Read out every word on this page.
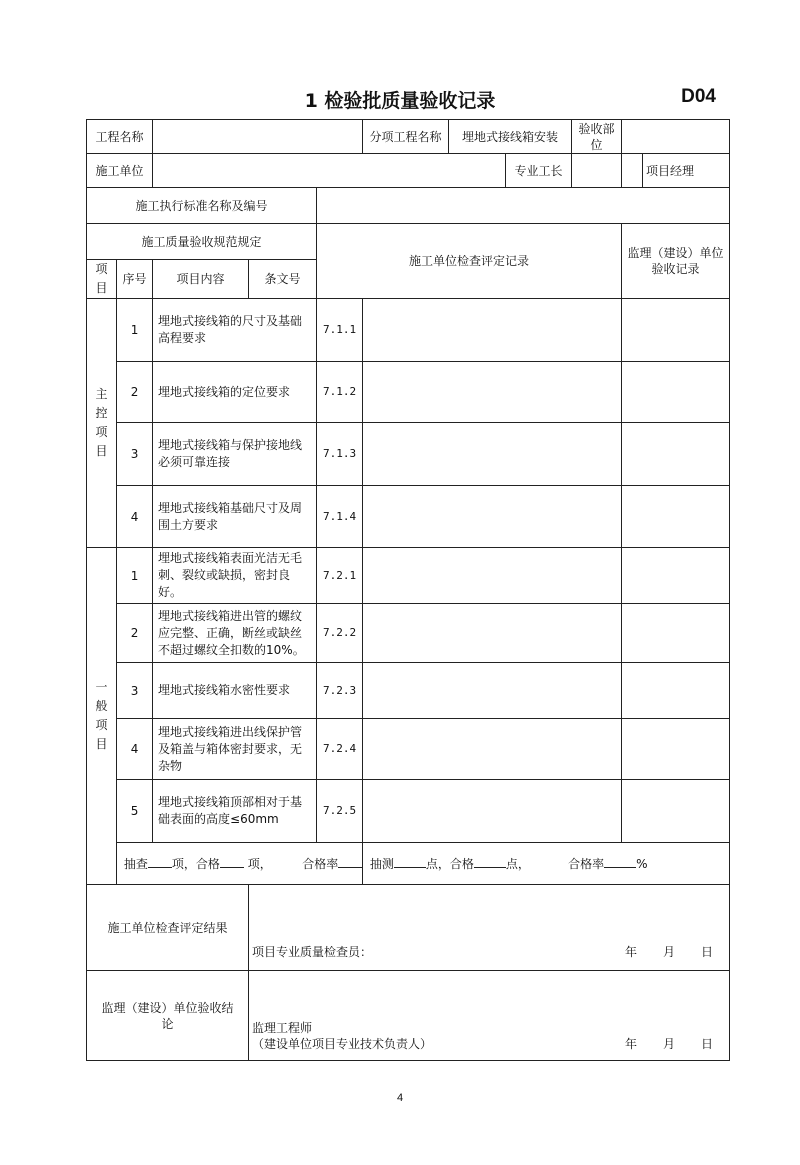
1 检验批质量验收记录	D04
工程名称					分项工程名称	埋地式接线箱安装		验收部位		
施工单位							专业工长			项目经理
施工执行标准名称及编号										
施工质量验收规范规定				施工单位检查评定记录					监理（建设）单位验收记录	
项目	序号	项目内容	条文号							
主控项目	1	埋地式接线箱的尺寸及基础高程要求		7.1.1						
	2	埋地式接线箱的定位要求		7.1.2						
	3	埋地式接线箱与保护接地线必须可靠连接		7.1.3						
	4	埋地式接线箱基础尺寸及周围土方要求		7.1.4						
一般项目	1	埋地式接线箱表面光洁无毛刺、裂纹或缺损，密封良好。		7.2.1						
	2	埋地式接线箱进出管的螺纹应完整、正确，断丝或缺丝不超过螺纹全扣数的10%。		7.2.2						
	3	埋地式接线箱水密性要求		7.2.3						
	4	埋地式接线箱进出线保护管及箱盖与箱体密封要求，无杂物		7.2.4						
	5	埋地式接线箱顶部相对于基础表面的高度≤60mm		7.2.5					

	抽查 项，合格 项， 合格率				抽测 点，合格 点， 合格率 %					
施工单位检查评定结果			项目专业质量检查员： 年 月 日							

监理（建设）单位验收结论			监理工程师
（建设单位项目专业技术负责人） 年 月 日							
4
